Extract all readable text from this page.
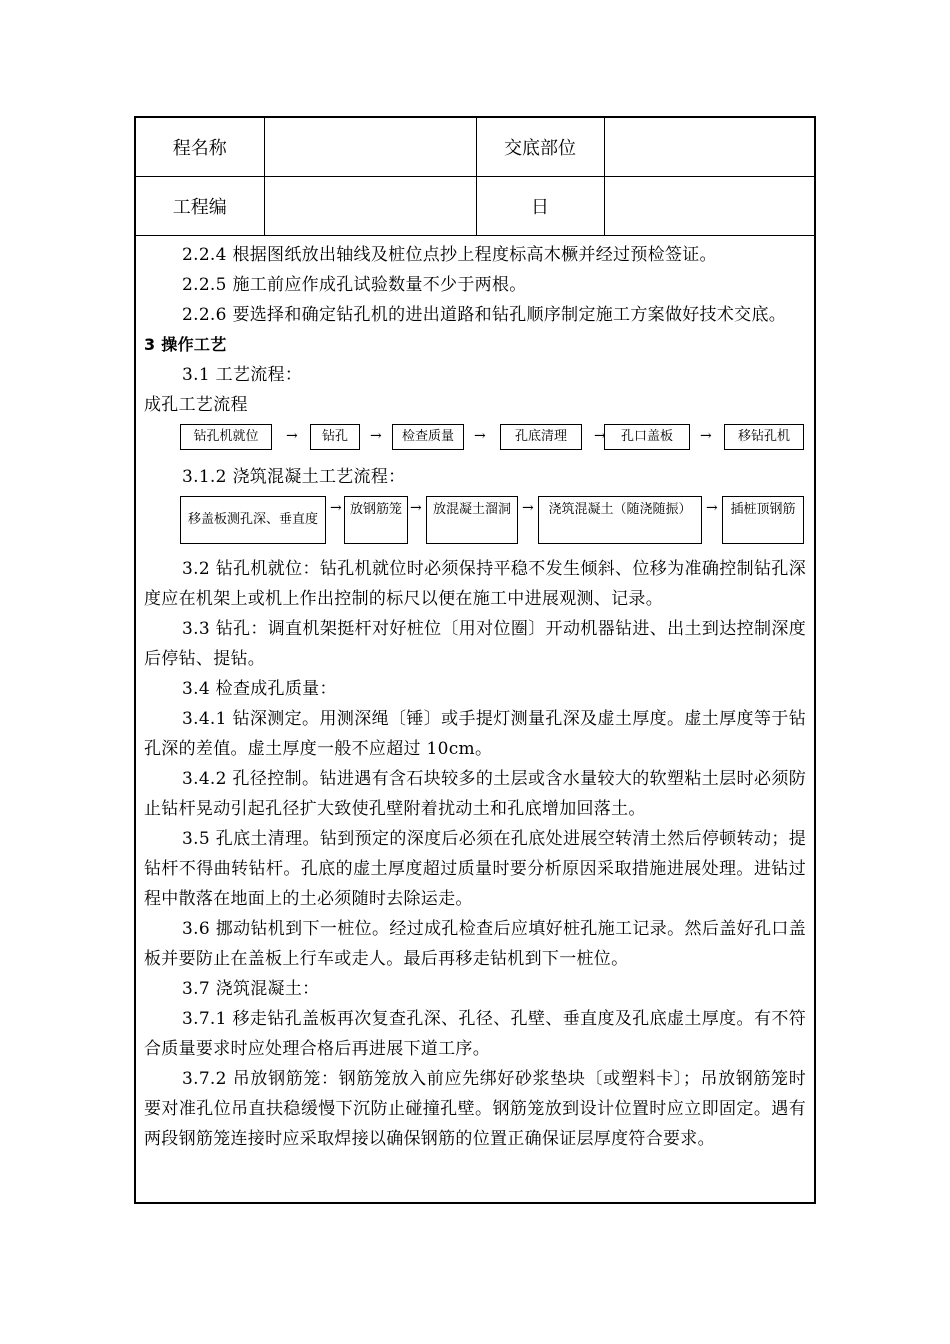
程名称		交底部位	
工程编		日	

2.2.4 根据图纸放出轴线及桩位点抄上程度标高木橛并经过预检签证。

2.2.5 施工前应作成孔试验数量不少于两根。

2.2.6 要选择和确定钻孔机的进出道路和钻孔顺序制定施工方案做好技术交底。

3 操作工艺

3.1 工艺流程：

成孔工艺流程

钻孔机就位	→	钻孔	→	检查质量	→	孔底清理	→	孔口盖板	→	移钻孔机

3.1.2 浇筑混凝土工艺流程：

移盖板测孔深、垂直度
→ 放钢筋笼 → 放混凝土溜洞 →	浇筑混凝土（随浇随振）	→ 插桩顶钢筋

3.2 钻孔机就位：钻孔机就位时必须保持平稳不发生倾斜、位移为准确控制钻孔深度应在机架上或机上作出控制的标尺以便在施工中进展观测、记录。

3.3 钻孔：调直机架挺杆对好桩位〔用对位圈〕开动机器钻进、出土到达控制深度后停钻、提钻。

3.4 检查成孔质量：

3.4.1 钻深测定。用测深绳〔锤〕或手提灯测量孔深及虚土厚度。虚土厚度等于钻孔深的差值。虚土厚度一般不应超过 10cm。

3.4.2 孔径控制。钻进遇有含石块较多的土层或含水量较大的软塑粘土层时必须防止钻杆晃动引起孔径扩大致使孔壁附着扰动土和孔底增加回落土。

3.5 孔底土清理。钻到预定的深度后必须在孔底处进展空转清土然后停顿转动；提钻杆不得曲转钻杆。孔底的虚土厚度超过质量时要分析原因采取措施进展处理。进钻过程中散落在地面上的土必须随时去除运走。

3.6 挪动钻机到下一桩位。经过成孔检查后应填好桩孔施工记录。然后盖好孔口盖板并要防止在盖板上行车或走人。最后再移走钻机到下一桩位。

3.7 浇筑混凝土：

3.7.1 移走钻孔盖板再次复查孔深、孔径、孔壁、垂直度及孔底虚土厚度。有不符合质量要求时应处理合格后再进展下道工序。

3.7.2 吊放钢筋笼：钢筋笼放入前应先绑好砂浆垫块〔或塑料卡〕；吊放钢筋笼时要对准孔位吊直扶稳缓慢下沉防止碰撞孔壁。钢筋笼放到设计位置时应立即固定。遇有两段钢筋笼连接时应采取焊接以确保钢筋的位置正确保证层厚度符合要求。
